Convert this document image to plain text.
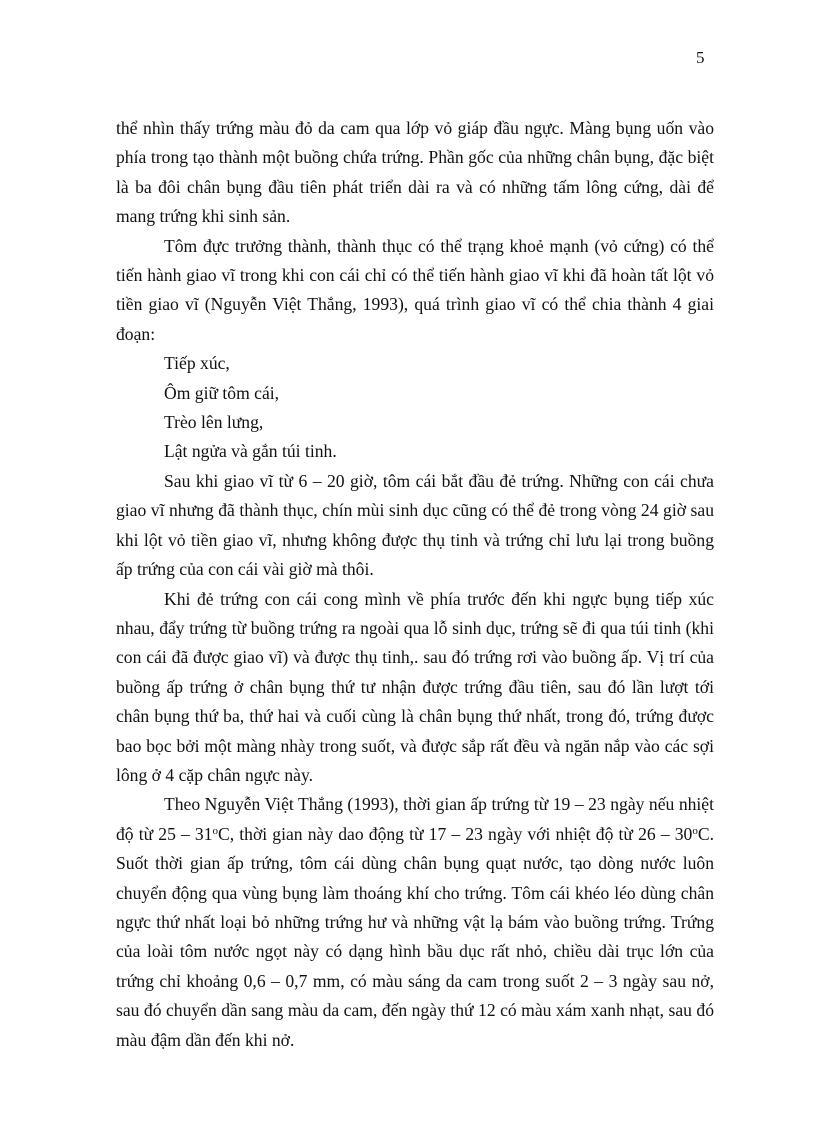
5

thể nhìn thấy trứng màu đỏ da cam qua lớp vỏ giáp đầu ngực. Màng bụng uốn vào phía trong tạo thành một buồng chứa trứng. Phần gốc của những chân bụng, đặc biệt là ba đôi chân bụng đầu tiên phát triển dài ra và có những tấm lông cứng, dài để mang trứng khi sinh sản.

Tôm đực trưởng thành, thành thục có thể trạng khoẻ mạnh (vỏ cứng) có thể tiến hành giao vĩ trong khi con cái chỉ có thể tiến hành giao vĩ khi đã hoàn tất lột vỏ tiền giao vĩ (Nguyễn Việt Thắng, 1993), quá trình giao vĩ có thể chia thành 4 giai đoạn:

Tiếp xúc,

Ôm giữ tôm cái,

Trèo lên lưng,

Lật ngửa và gắn túi tinh.

Sau khi giao vĩ từ 6 – 20 giờ, tôm cái bắt đầu đẻ trứng. Những con cái chưa giao vĩ nhưng đã thành thục, chín mùi sinh dục cũng có thể đẻ trong vòng 24 giờ sau khi lột vỏ tiền giao vĩ, nhưng không được thụ tinh và trứng chỉ lưu lại trong buồng ấp trứng của con cái vài giờ mà thôi.

Khi đẻ trứng con cái cong mình về phía trước đến khi ngực bụng tiếp xúc nhau, đẩy trứng từ buồng trứng ra ngoài qua lỗ sinh dục, trứng sẽ đi qua túi tinh (khi con cái đã được giao vĩ) và được thụ tinh,. sau đó trứng rơi vào buồng ấp. Vị trí của buồng ấp trứng ở chân bụng thứ tư nhận được trứng đầu tiên, sau đó lần lượt tới chân bụng thứ ba, thứ hai và cuối cùng là chân bụng thứ nhất, trong đó, trứng được bao bọc bởi một màng nhày trong suốt, và được sắp rất đều và ngăn nắp vào các sợi lông ở 4 cặp chân ngực này.

Theo Nguyễn Việt Thắng (1993), thời gian ấp trứng từ 19 – 23 ngày nếu nhiệt độ từ 25 – 31$^o$C, thời gian này dao động từ 17 – 23 ngày với nhiệt độ từ 26 – 30$^o$C. Suốt thời gian ấp trứng, tôm cái dùng chân bụng quạt nước, tạo dòng nước luôn chuyển động qua vùng bụng làm thoáng khí cho trứng. Tôm cái khéo léo dùng chân ngực thứ nhất loại bỏ những trứng hư và những vật lạ bám vào buồng trứng. Trứng của loài tôm nước ngọt này có dạng hình bầu dục rất nhỏ, chiều dài trục lớn của trứng chỉ khoảng 0,6 – 0,7 mm, có màu sáng da cam trong suốt 2 – 3 ngày sau nở, sau đó chuyển dần sang màu da cam, đến ngày thứ 12 có màu xám xanh nhạt, sau đó màu đậm dần đến khi nở.
